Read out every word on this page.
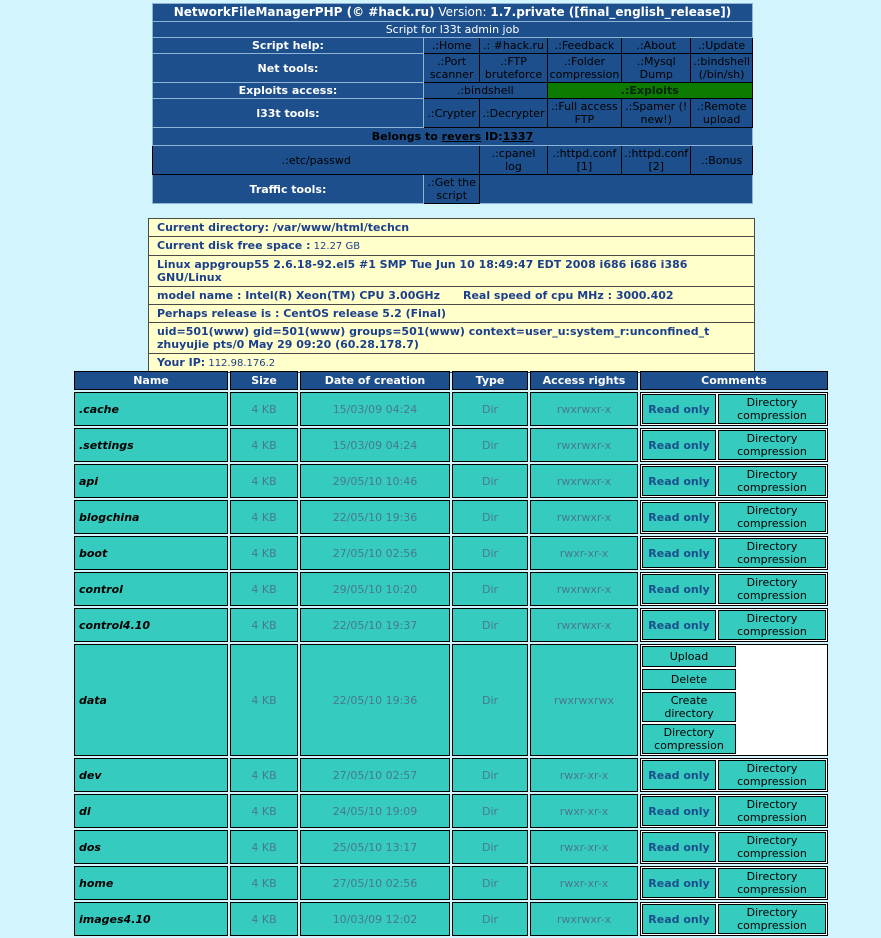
NetworkFileManagerPHP (© #hack.ru) Version: 1.7.private ([final_english_release])					
Script for l33t admin job					
Script help:	.:Home	.: #hack.ru	.:Feedback	.:About	.:Update
Net tools:	.:Port scanner	.:FTP bruteforce	.:Folder compression	.:Mysql Dump	.:bindshell (/bin/sh)
Exploits access:	.:bindshell		.:Exploits		
l33t tools:	.:Crypter	.:Decrypter	.:Full access FTP	.:Spamer (! new!)	.:Remote upload
Belongs to revers ID:1337					
.:etc/passwd		.:cpanel log	.:httpd.conf [1]	.:httpd.conf [2]	.:Bonus
Traffic tools:	.:Get the script				
Current directory: /var/www/html/techcn
Current disk free space : 12.27 GB
Linux appgroup55 2.6.18-92.el5 #1 SMP Tue Jun 10 18:49:47 EDT 2008 i686 i686 i386 GNU/Linux
model name : Intel(R) Xeon(TM) CPU 3.00GHz      Real speed of cpu MHz : 3000.402
Perhaps release is : CentOS release 5.2 (Final)
uid=501(www) gid=501(www) groups=501(www) context=user_u:system_r:unconfined_t         zhuyujie pts/0 May 29 09:20 (60.28.178.7)
Your IP: 112.98.176.2
Name	Size	Date of creation	Type	Access rights	Comments
.cache	4 KB	15/03/09 04:24	Dir	rwxrwxr-x	Read only Directory compression

.settings	4 KB	15/03/09 04:24	Dir	rwxrwxr-x	Read only Directory compression

api	4 KB	29/05/10 10:46	Dir	rwxrwxr-x	Read only Directory compression

blogchina	4 KB	22/05/10 19:36	Dir	rwxrwxr-x	Read only Directory compression

boot	4 KB	27/05/10 02:56	Dir	rwxr-xr-x	Read only Directory compression

control	4 KB	29/05/10 10:20	Dir	rwxrwxr-x	Read only Directory compression

control4.10	4 KB	22/05/10 19:37	Dir	rwxrwxr-x	Read only Directory compression

data	4 KB	22/05/10 19:36	Dir	rwxrwxrwx	Upload
Delete
Create directory
Directory compression

dev	4 KB	27/05/10 02:57	Dir	rwxr-xr-x	Read only Directory compression

dl	4 KB	24/05/10 19:09	Dir	rwxr-xr-x	Read only Directory compression

dos	4 KB	25/05/10 13:17	Dir	rwxr-xr-x	Read only Directory compression

home	4 KB	27/05/10 02:56	Dir	rwxr-xr-x	Read only Directory compression

images4.10	4 KB	10/03/09 12:02	Dir	rwxrwxr-x	Read only Directory compression
